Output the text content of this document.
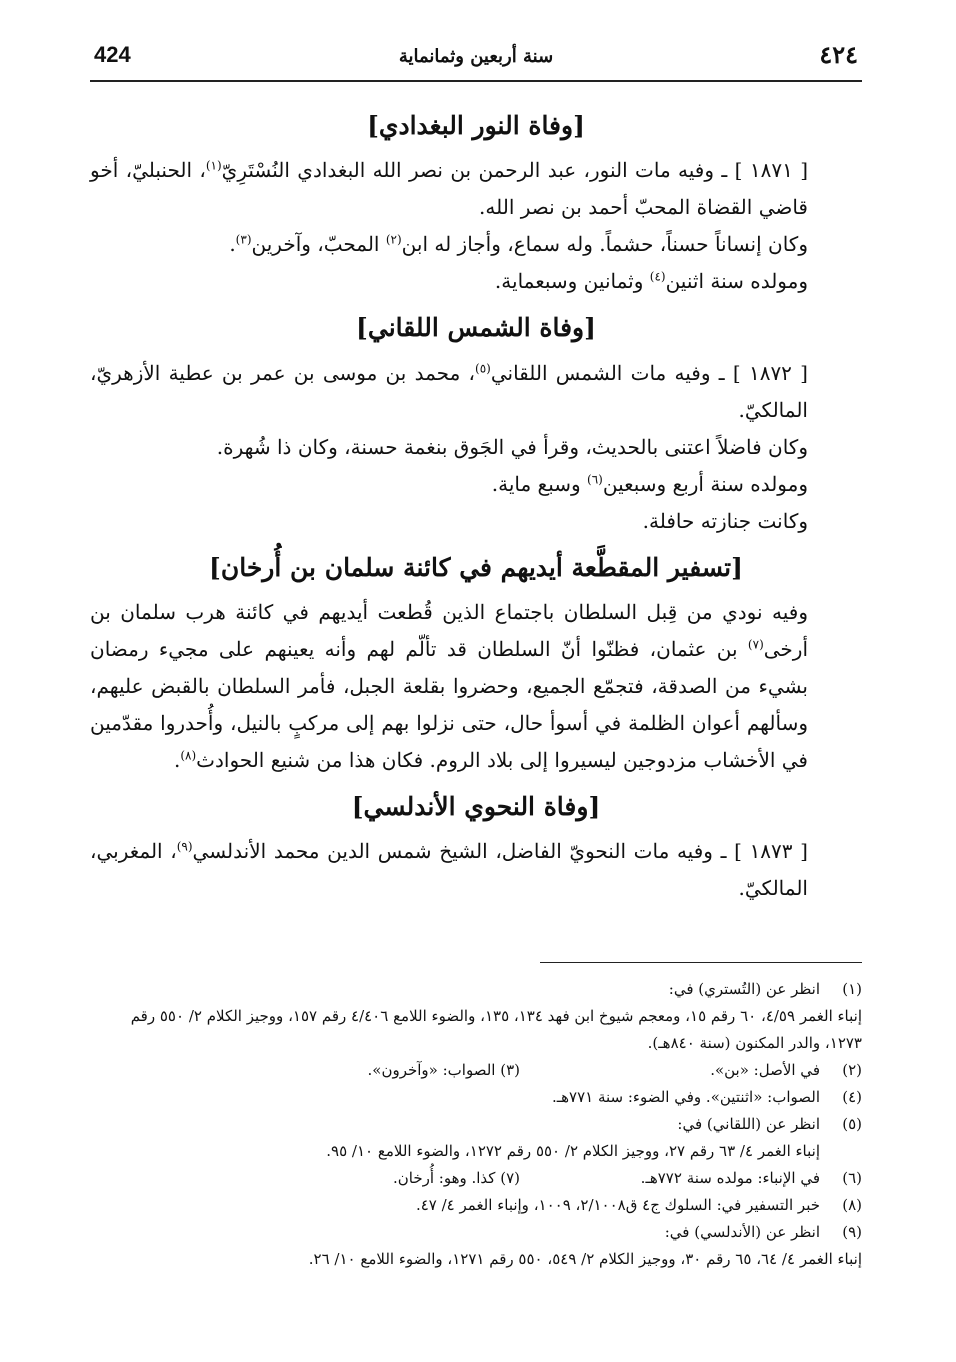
424	سنة أربعين وثمانماية	٤٢٤
[وفاة النور البغدادي]

[ ١٨٧١ ] ـ وفيه مات النور، عبد الرحمن بن نصر الله البغدادي النُسْتَرِيّ$^{(١)}$، الحنبليّ، أخو قاضي القضاة المحبّ أحمد بن نصر الله.

وكان إنساناً حسناً، حشماً. وله سماع، وأجاز له ابن$^{(٢)}$ المحبّ، وآخرين$^{(٣)}$.

ومولده سنة اثنين$^{(٤)}$ وثمانين وسبعماية.

[وفاة الشمس اللقاني]

[ ١٨٧٢ ] ـ وفيه مات الشمس اللقاني$^{(٥)}$، محمد بن موسى بن عمر بن عطية الأزهريّ، المالكيّ.

وكان فاضلاً اعتنى بالحديث، وقرأ في الجَوق بنغمة حسنة، وكان ذا شُهرة.

ومولده سنة أربع وسبعين$^{(٦)}$ وسبع ماية.

وكانت جنازته حافلة.

[تسفير المقطَّعة أيديهم في كائنة سلمان بن أُرخان]

وفيه نودي من قِبل السلطان باجتماع الذين قُطعت أيديهم في كائنة هرب سلمان بن أرخى$^{(٧)}$ بن عثمان، فظنّوا أنّ السلطان قد تألّم لهم وأنه يعينهم على مجيء رمضان بشيء من الصدقة، فتجمّع الجميع، وحضروا بقلعة الجبل، فأمر السلطان بالقبض عليهم، وسألهم أعوان الظلمة في أسوأ حال، حتى نزلوا بهم إلى مركبٍ بالنيل، وأُحدروا مقدّمين في الأخشاب مزدوجين ليسيروا إلى بلاد الروم. فكان هذا من شنيع الحوادث$^{(٨)}$.

[وفاة النحوي الأندلسي]

[ ١٨٧٣ ] ـ وفيه مات النحويّ الفاضل، الشيخ شمس الدين محمد الأندلسي$^{(٩)}$، المغربي، المالكيّ.

(١)
انظر عن (التُستري) في:
إنباء الغمر ٤/٥٩، ٦٠ رقم ١٥، ومعجم شيوخ ابن فهد ١٣٤، ١٣٥، والضوء اللامع ٤/٤٠٦ رقم ١٥٧، ووجيز الكلام ٢/ ٥٥٠ رقم ١٢٧٣، والدر المكنون (سنة ٨٤٠هـ).
(٢)
في الأصل: «بن».
(٣) الصواب: «وآخرون».
(٤)
الصواب: «اثنتين». وفي الضوء: سنة ٧٧١هـ.
(٥)
انظر عن (اللقاني) في:
إنباء الغمر ٤/ ٦٣ رقم ٢٧، ووجيز الكلام ٢/ ٥٥٠ رقم ١٢٧٢، والضوء اللامع ١٠/ ٩٥.
(٦)
في الإنباء: مولده سنة ٧٧٢هـ.
(٧) كذا. وهو: أُرخان.
(٨)
خبر التسفير في: السلوك ج٤ ق٢/١٠٠٨، ١٠٠٩، وإنباء الغمر ٤/ ٤٧.
(٩)
انظر عن (الأندلسي) في:
إنباء الغمر ٤/ ٦٤، ٦٥ رقم ٣٠، ووجيز الكلام ٢/ ٥٤٩، ٥٥٠ رقم ١٢٧١، والضوء اللامع ١٠/ ٢٦.
